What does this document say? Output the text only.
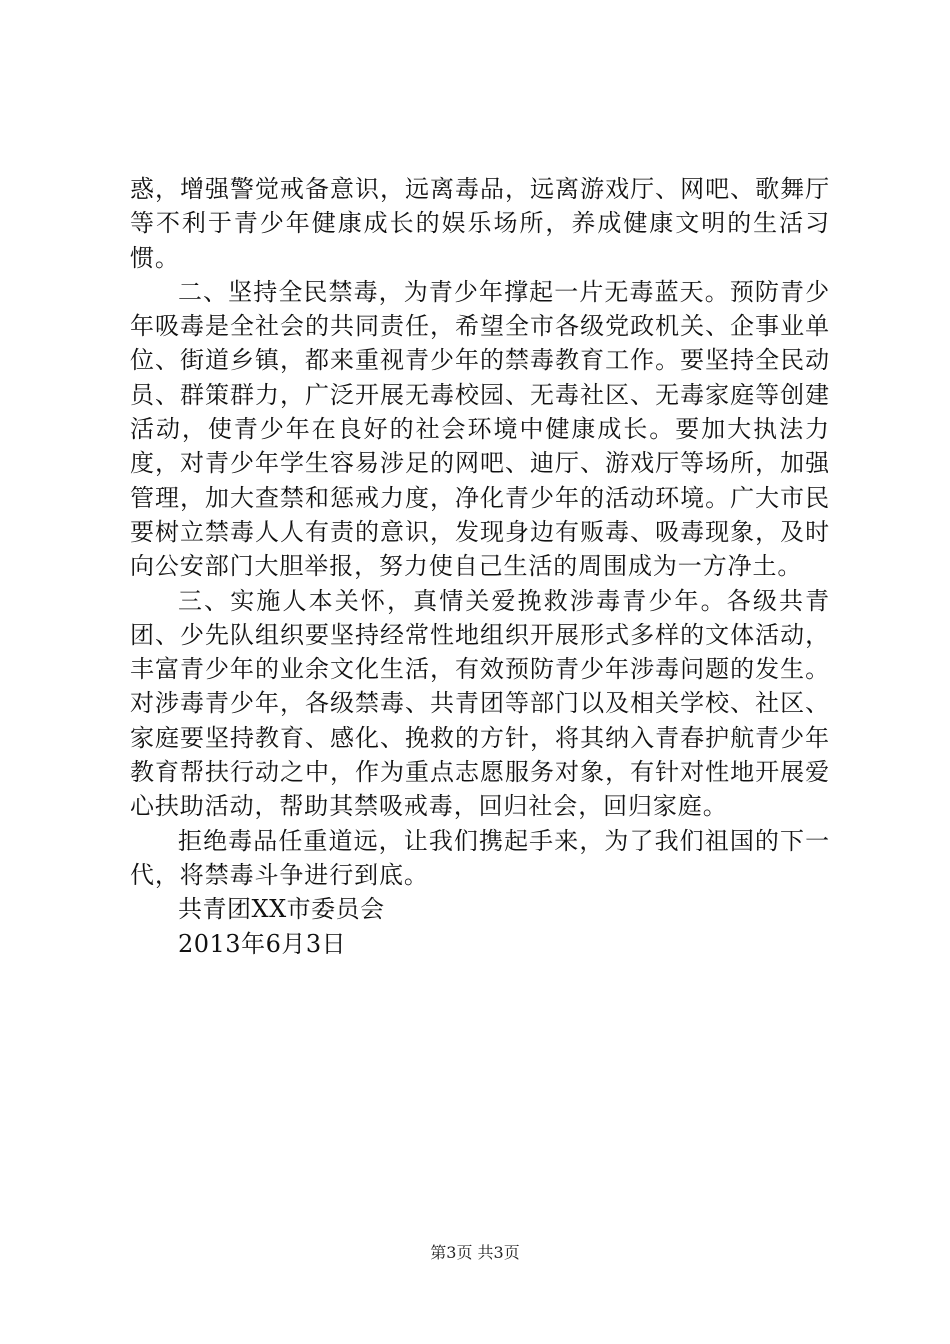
惑，增强警觉戒备意识，远离毒品，远离游戏厅、网吧、歌舞厅等不利于青少年健康成长的娱乐场所，养成健康文明的生活习惯。

二、坚持全民禁毒，为青少年撑起一片无毒蓝天。预防青少年吸毒是全社会的共同责任，希望全市各级党政机关、企事业单位、街道乡镇，都来重视青少年的禁毒教育工作。要坚持全民动员、群策群力，广泛开展无毒校园、无毒社区、无毒家庭等创建活动，使青少年在良好的社会环境中健康成长。要加大执法力度，对青少年学生容易涉足的网吧、迪厅、游戏厅等场所，加强管理，加大查禁和惩戒力度，净化青少年的活动环境。广大市民要树立禁毒人人有责的意识，发现身边有贩毒、吸毒现象，及时向公安部门大胆举报，努力使自己生活的周围成为一方净土。

三、实施人本关怀，真情关爱挽救涉毒青少年。各级共青团、少先队组织要坚持经常性地组织开展形式多样的文体活动，丰富青少年的业余文化生活，有效预防青少年涉毒问题的发生。对涉毒青少年，各级禁毒、共青团等部门以及相关学校、社区、家庭要坚持教育、感化、挽救的方针，将其纳入青春护航青少年教育帮扶行动之中，作为重点志愿服务对象，有针对性地开展爱心扶助活动，帮助其禁吸戒毒，回归社会，回归家庭。

拒绝毒品任重道远，让我们携起手来，为了我们祖国的下一代，将禁毒斗争进行到底。

共青团XX市委员会

2013年6月3日

第3页 共3页
